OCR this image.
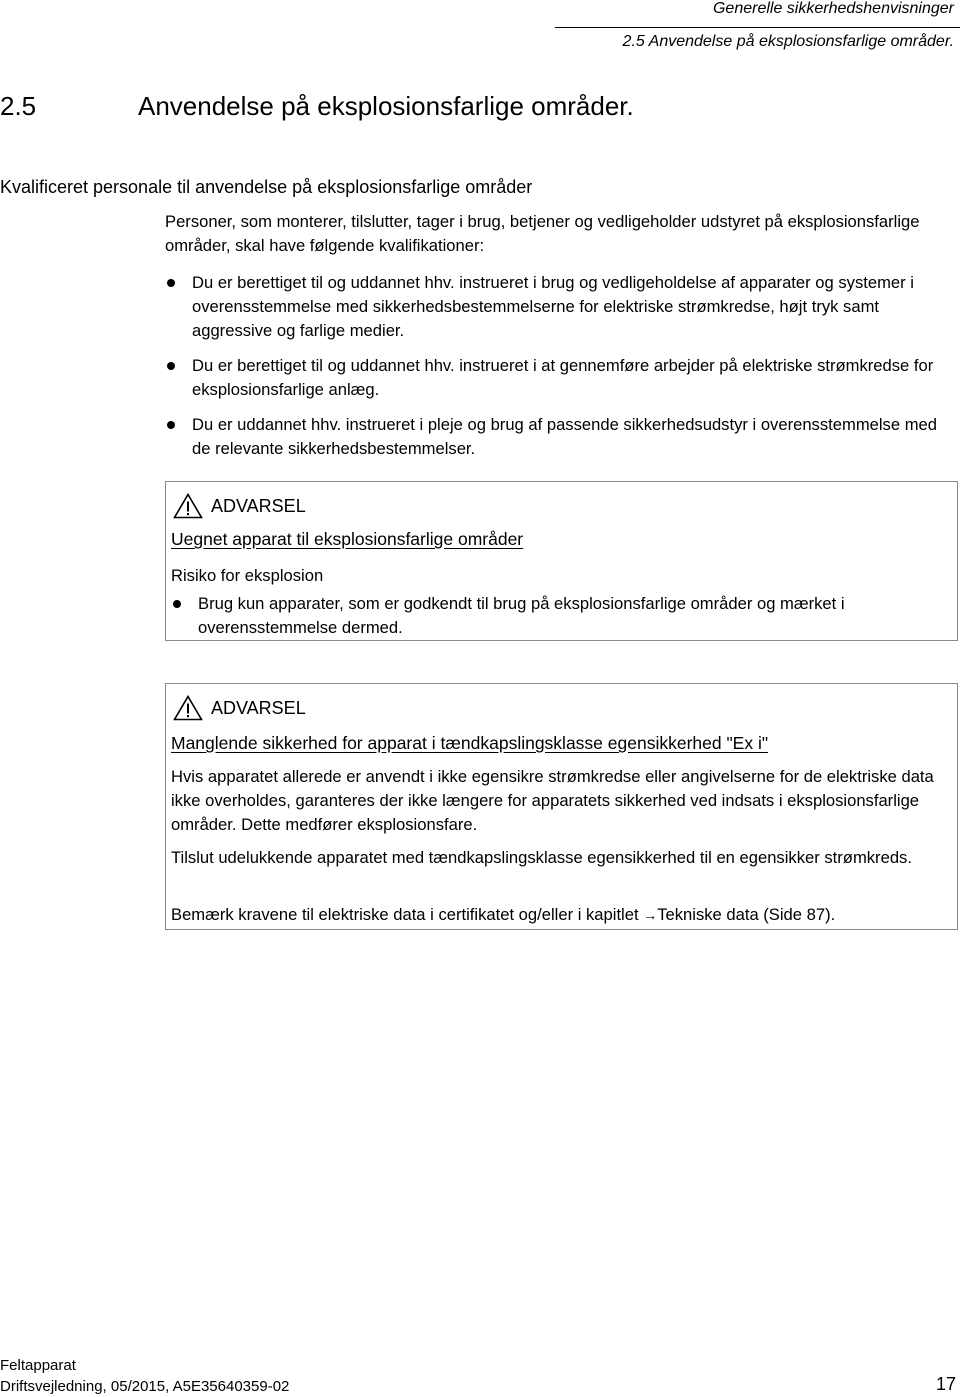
Generelle sikkerhedshenvisninger
2.5 Anvendelse på eksplosionsfarlige områder.
2.5	Anvendelse på eksplosionsfarlige områder.
Kvalificeret personale til anvendelse på eksplosionsfarlige områder
Personer, som monterer, tilslutter, tager i brug, betjener og vedligeholder udstyret på eksplosionsfarlige områder, skal have følgende kvalifikationer:
Du er berettiget til og uddannet hhv. instrueret i brug og vedligeholdelse af apparater og systemer i overensstemmelse med sikkerhedsbestemmelserne for elektriske strømkredse, højt tryk samt aggressive og farlige medier.
Du er berettiget til og uddannet hhv. instrueret i at gennemføre arbejder på elektriske strømkredse for eksplosionsfarlige anlæg.
Du er uddannet hhv. instrueret i pleje og brug af passende sikkerhedsudstyr i overensstemmelse med de relevante sikkerhedsbestemmelser.
ADVARSEL
Uegnet apparat til eksplosionsfarlige områder
Risiko for eksplosion
Brug kun apparater, som er godkendt til brug på eksplosionsfarlige områder og mærket i overensstemmelse dermed.
ADVARSEL
Manglende sikkerhed for apparat i tændkapslingsklasse egensikkerhed "Ex i"
Hvis apparatet allerede er anvendt i ikke egensikre strømkredse eller angivelserne for de elektriske data ikke overholdes, garanteres der ikke længere for apparatets sikkerhed ved indsats i eksplosionsfarlige områder. Dette medfører eksplosionsfare.
Tilslut udelukkende apparatet med tændkapslingsklasse egensikkerhed til en egensikker strømkreds.
Bemærk kravene til elektriske data i certifikatet og/eller i kapitlet →Tekniske data (Side 87).
Feltapparat
Driftsvejledning, 05/2015, A5E35640359-02	17
